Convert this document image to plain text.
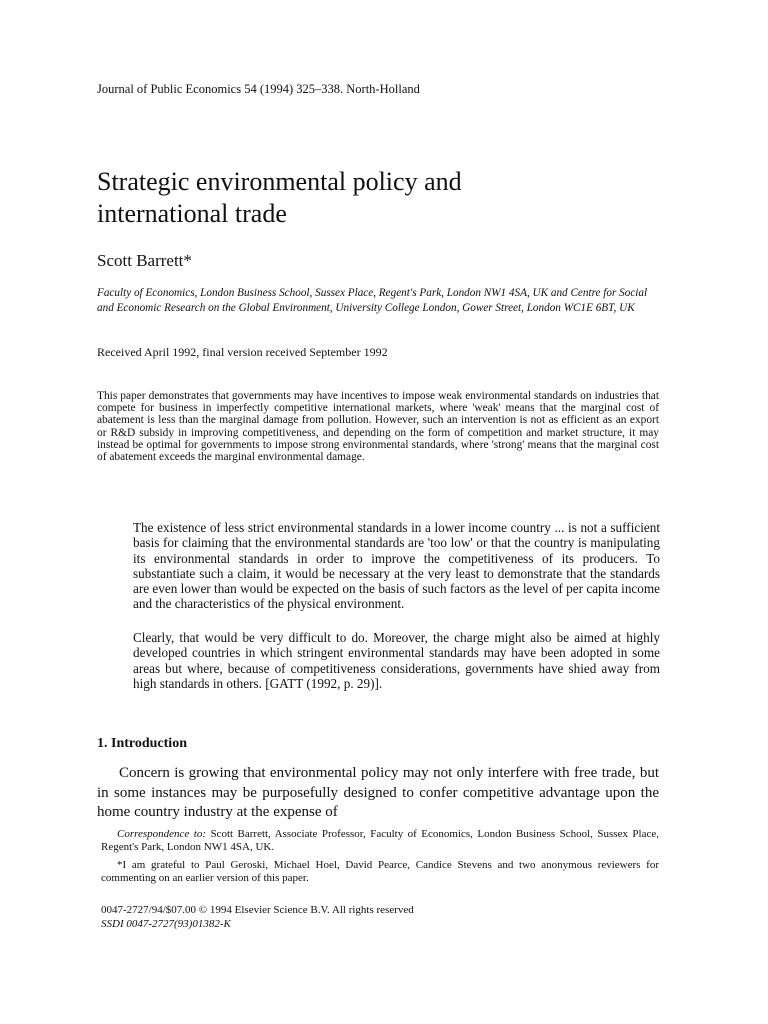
Journal of Public Economics 54 (1994) 325–338. North-Holland
Strategic environmental policy and
international trade
Scott Barrett*
Faculty of Economics, London Business School, Sussex Place, Regent's Park, London NW1 4SA, UK and Centre for Social and Economic Research on the Global Environment, University College London, Gower Street, London WC1E 6BT, UK
Received April 1992, final version received September 1992

This paper demonstrates that governments may have incentives to impose weak environmental standards on industries that compete for business in imperfectly competitive international markets, where 'weak' means that the marginal cost of abatement is less than the marginal damage from pollution. However, such an intervention is not as efficient as an export or R&D subsidy in improving competitiveness, and depending on the form of competition and market structure, it may instead be optimal for governments to impose strong environmental standards, where 'strong' means that the marginal cost of abatement exceeds the marginal environmental damage.

The existence of less strict environmental standards in a lower income country ... is not a sufficient basis for claiming that the environmental standards are 'too low' or that the country is manipulating its environmental standards in order to improve the competitiveness of its producers. To substantiate such a claim, it would be necessary at the very least to demonstrate that the standards are even lower than would be expected on the basis of such factors as the level of per capita income and the characteristics of the physical environment.

Clearly, that would be very difficult to do. Moreover, the charge might also be aimed at highly developed countries in which stringent environmental standards may have been adopted in some areas but where, because of competitiveness considerations, governments have shied away from high standards in others. [GATT (1992, p. 29)].

1. Introduction

Concern is growing that environmental policy may not only interfere with free trade, but in some instances may be purposefully designed to confer competitive advantage upon the home country industry at the expense of

Correspondence to: Scott Barrett, Associate Professor, Faculty of Economics, London Business School, Sussex Place, Regent's Park, London NW1 4SA, UK.

*I am grateful to Paul Geroski, Michael Hoel, David Pearce, Candice Stevens and two anonymous reviewers for commenting on an earlier version of this paper.

0047-2727/94/$07.00 © 1994 Elsevier Science B.V. All rights reserved
SSDI 0047-2727(93)01382-K
